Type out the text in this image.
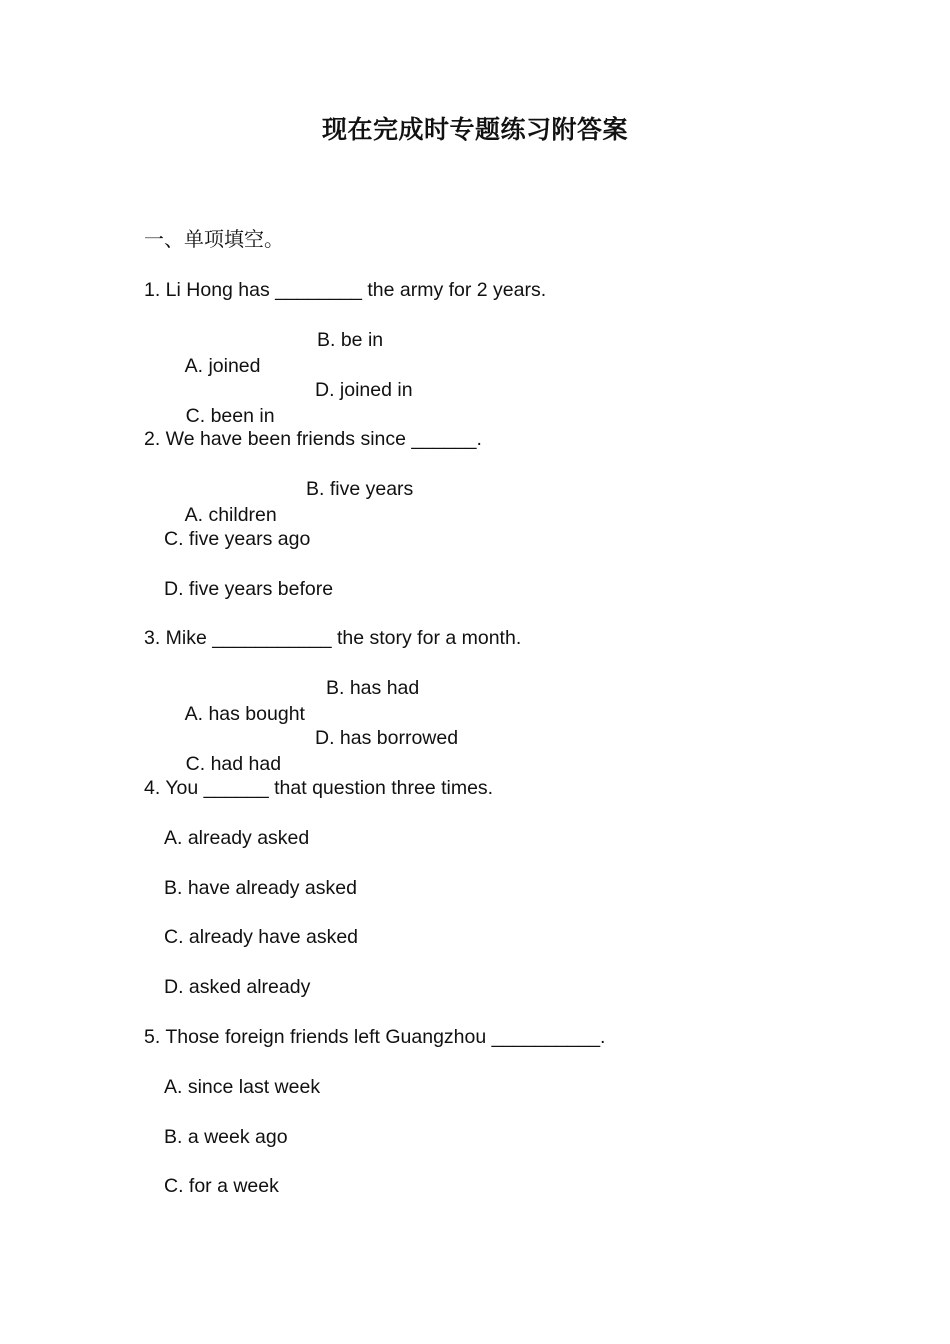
现在完成时专题练习附答案
一、单项填空。
1. Li Hong has ________ the army for 2 years.

A. joined

B. be in

C. been in

D. joined in

2. We have been friends since ______.

A. children

B. five years

C. five years ago
D. five years before
3. Mike ___________ the story for a month.

A. has bought

B. has had

C. had had

D. has borrowed

4. You ______ that question three times.
A. already asked
B. have already asked
C. already have asked
D. asked already
5. Those foreign friends left Guangzhou __________.
A. since last week
B. a week ago
C. for a week
